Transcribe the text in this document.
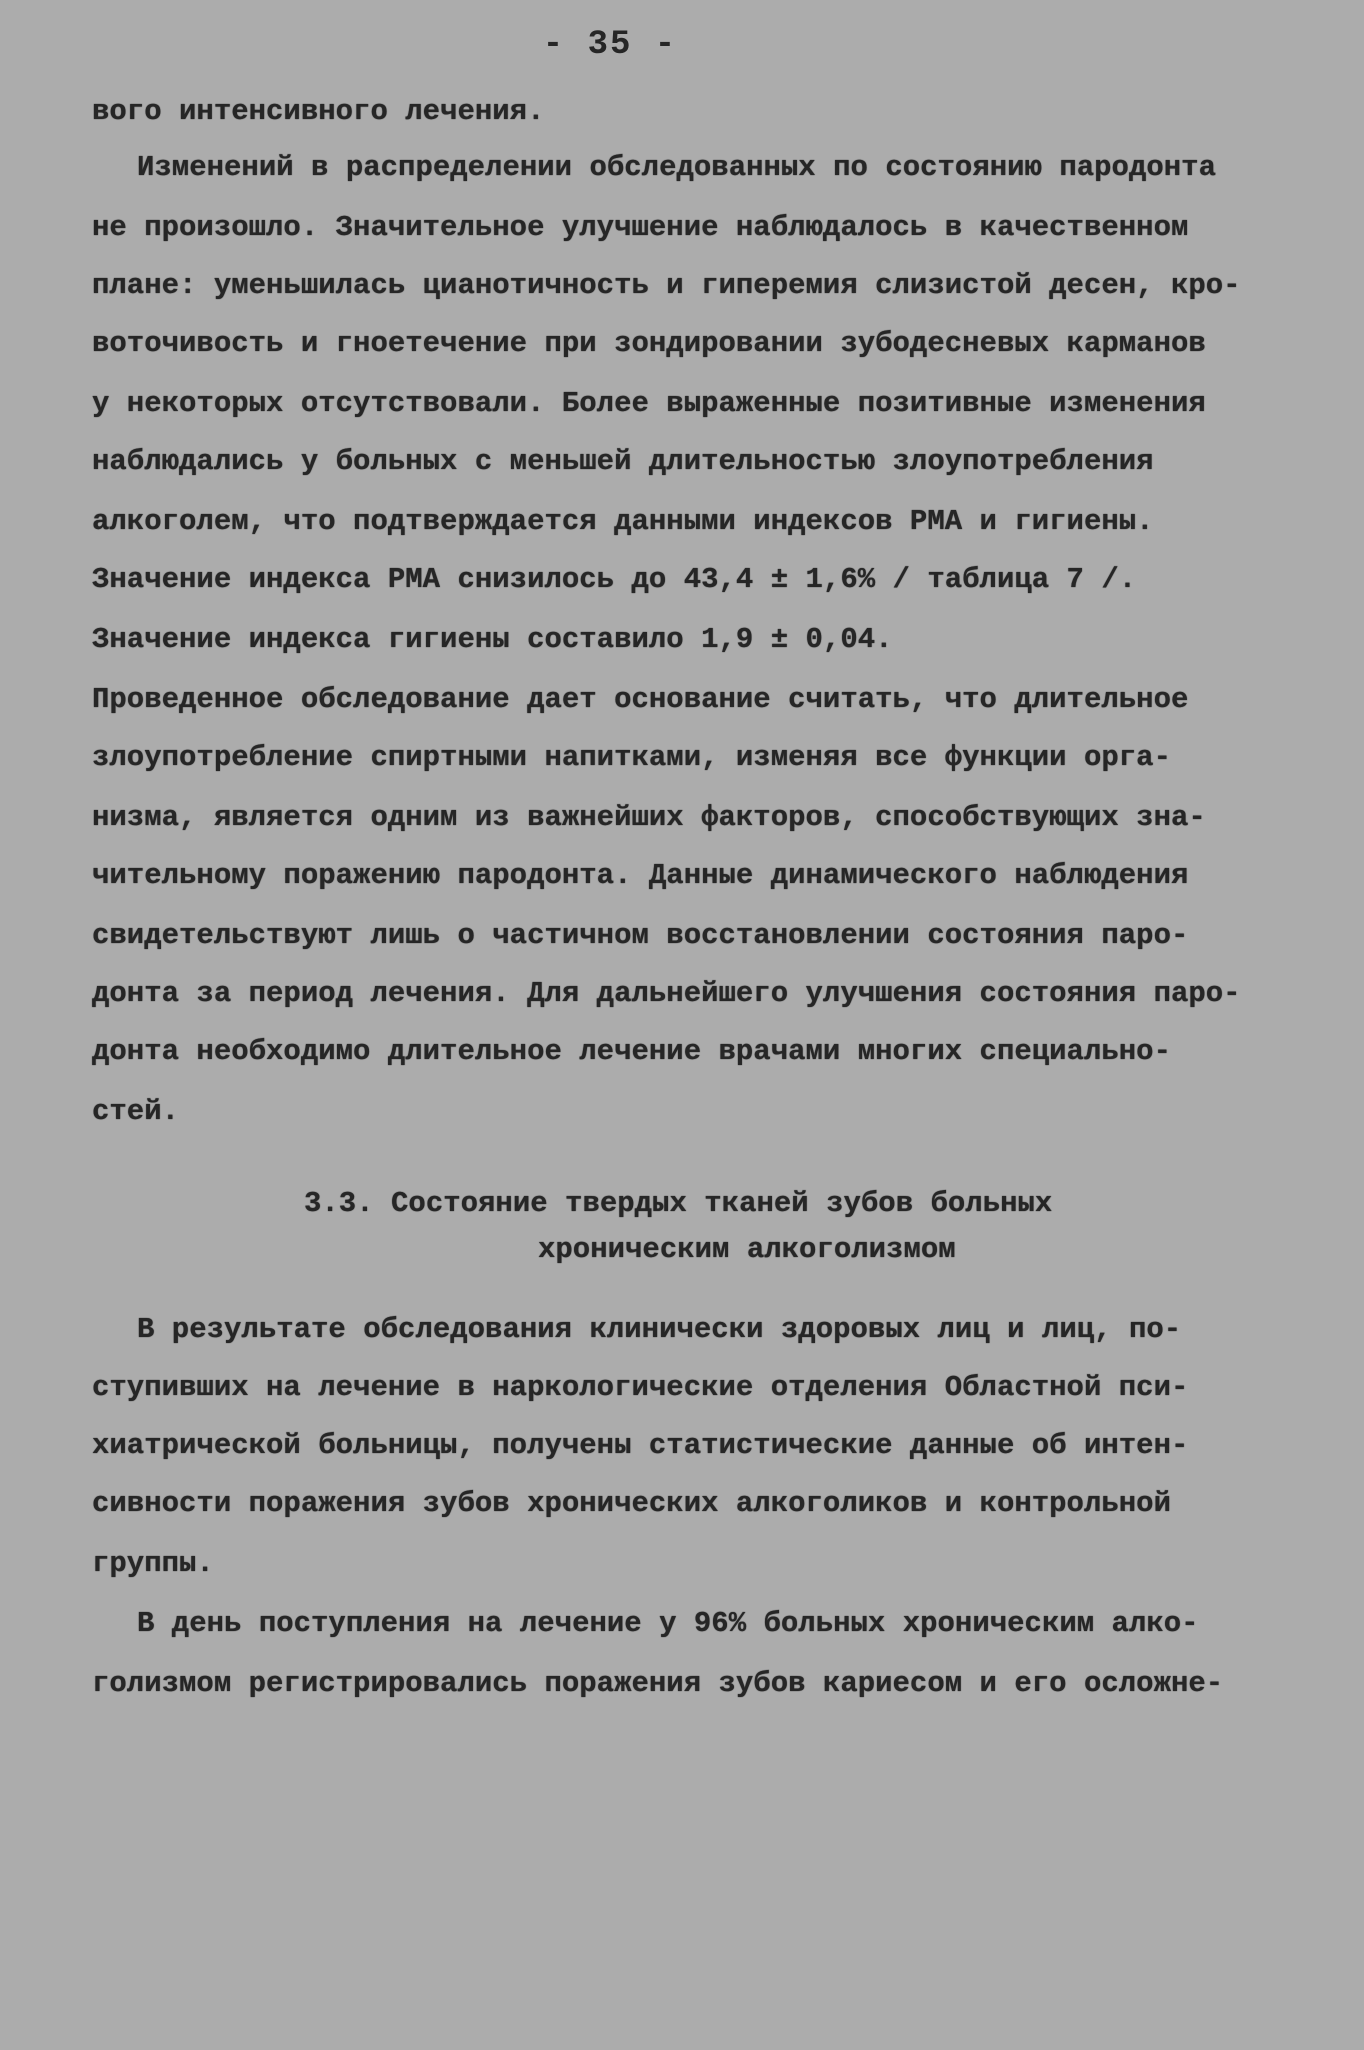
- 35 -
вого интенсивного лечения.
Изменений в распределении обследованных по состоянию пародонта
не произошло. Значительное улучшение наблюдалось в качественном
плане: уменьшилась цианотичность и гиперемия слизистой десен, кро-
воточивость и гноетечение при зондировании зубодесневых карманов
у некоторых отсутствовали. Более выраженные позитивные изменения
наблюдались у больных с меньшей длительностью злоупотребления
алкоголем, что подтверждается данными индексов РМА и гигиены.
Значение индекса РМА снизилось до 43,4 ± 1,6% / таблица 7 /.
Значение индекса гигиены составило 1,9 ± 0,04.
Проведенное обследование дает основание считать, что длительное
злоупотребление спиртными напитками, изменяя все функции орга-
низма, является одним из важнейших факторов, способствующих зна-
чительному поражению пародонта. Данные динамического наблюдения
свидетельствуют лишь о частичном восстановлении состояния паро-
донта за период лечения. Для дальнейшего улучшения состояния паро-
донта необходимо длительное лечение врачами многих специально-
стей.
3.3. Состояние твердых тканей зубов больных
хроническим алкоголизмом
В результате обследования клинически здоровых лиц и лиц, по-
ступивших на лечение в наркологические отделения Областной пси-
хиатрической больницы, получены статистические данные об интен-
сивности поражения зубов хронических алкоголиков и контрольной
группы.
В день поступления на лечение у 96% больных хроническим алко-
голизмом регистрировались поражения зубов кариесом и его осложне-
